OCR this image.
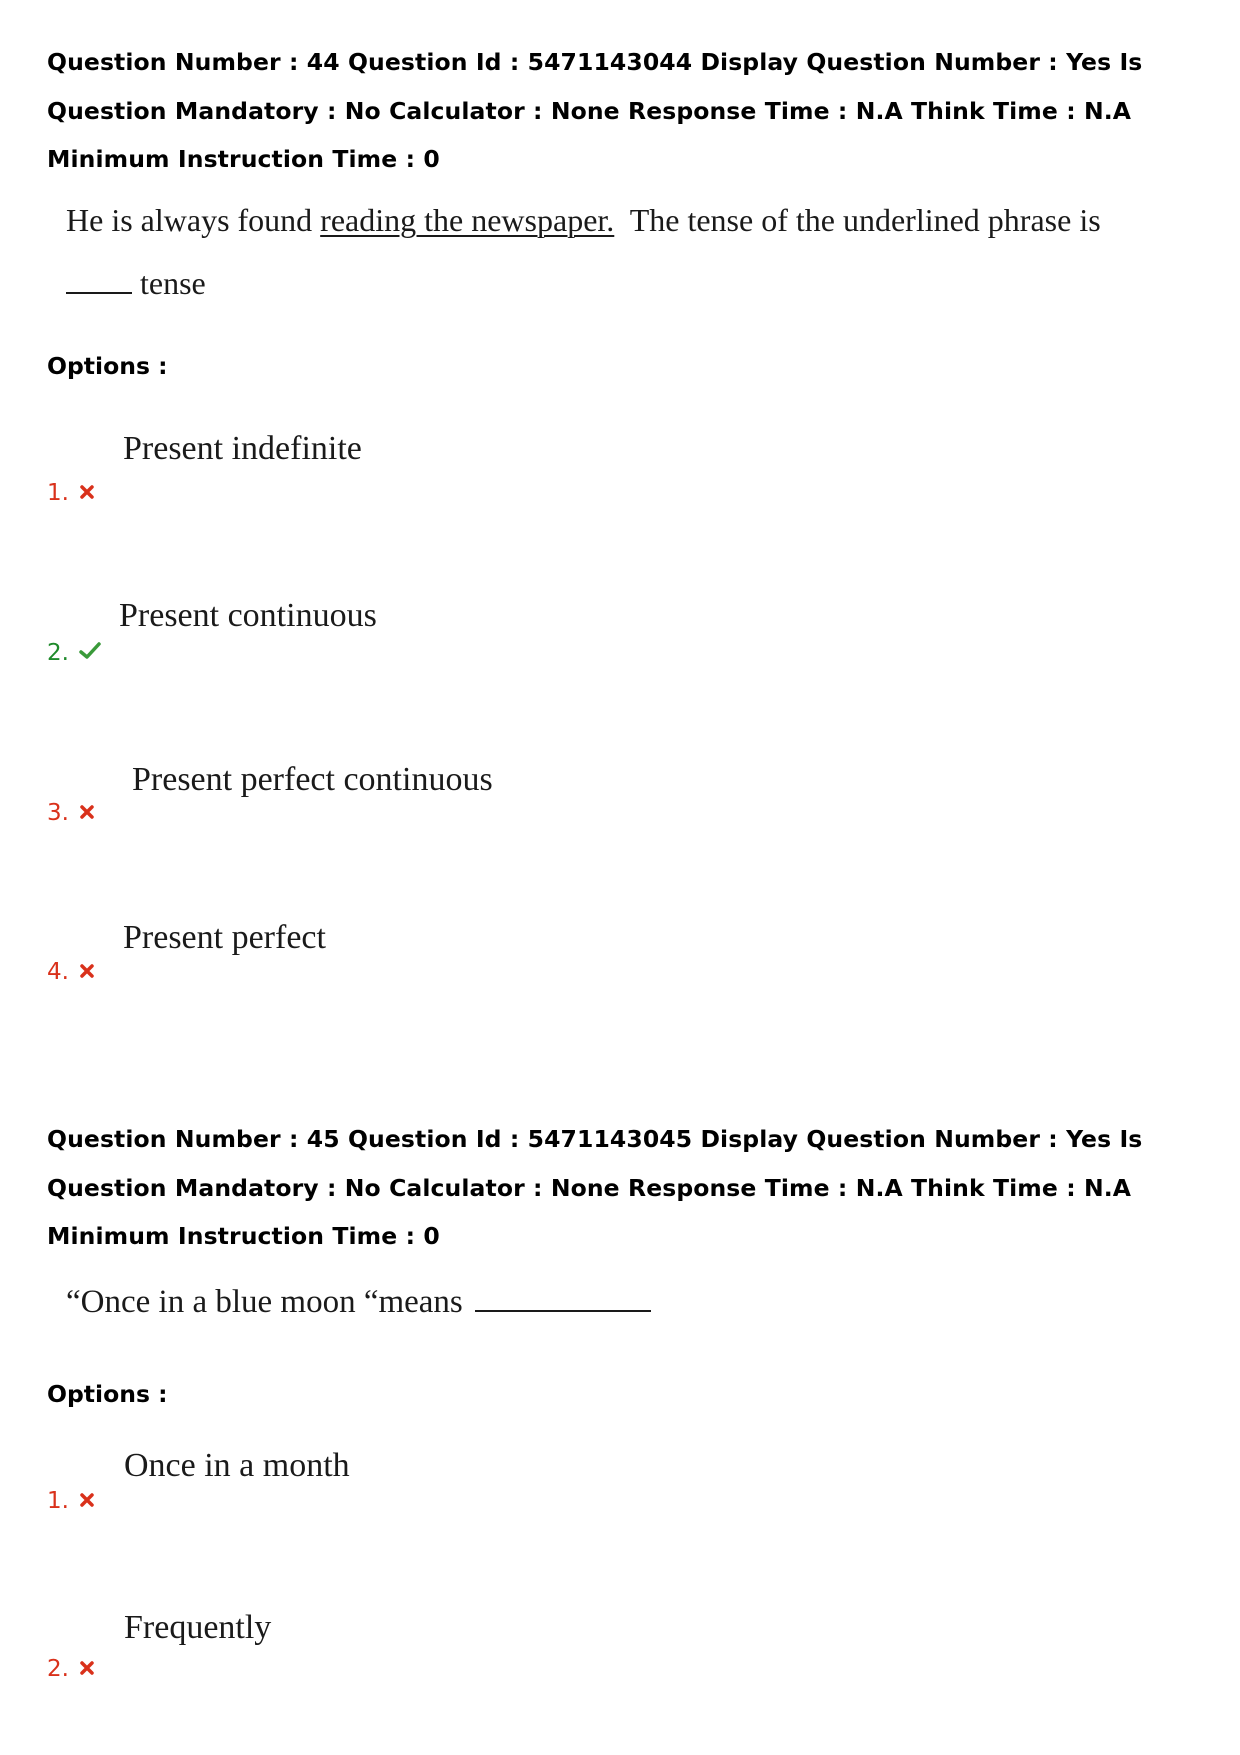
Question Number : 44 Question Id : 5471143044 Display Question Number : Yes Is Question Mandatory : No Calculator : None Response Time : N.A Think Time : N.A Minimum Instruction Time : 0
He is always found reading the newspaper.  The tense of the underlined phrase is
tense
Options :
Present indefinite
1.
Present continuous
2.
Present perfect continuous
3.
Present perfect
4.
Question Number : 45 Question Id : 5471143045 Display Question Number : Yes Is Question Mandatory : No Calculator : None Response Time : N.A Think Time : N.A Minimum Instruction Time : 0
“Once in a blue moon “means
Options :
Once in a month
1.
Frequently
2.
